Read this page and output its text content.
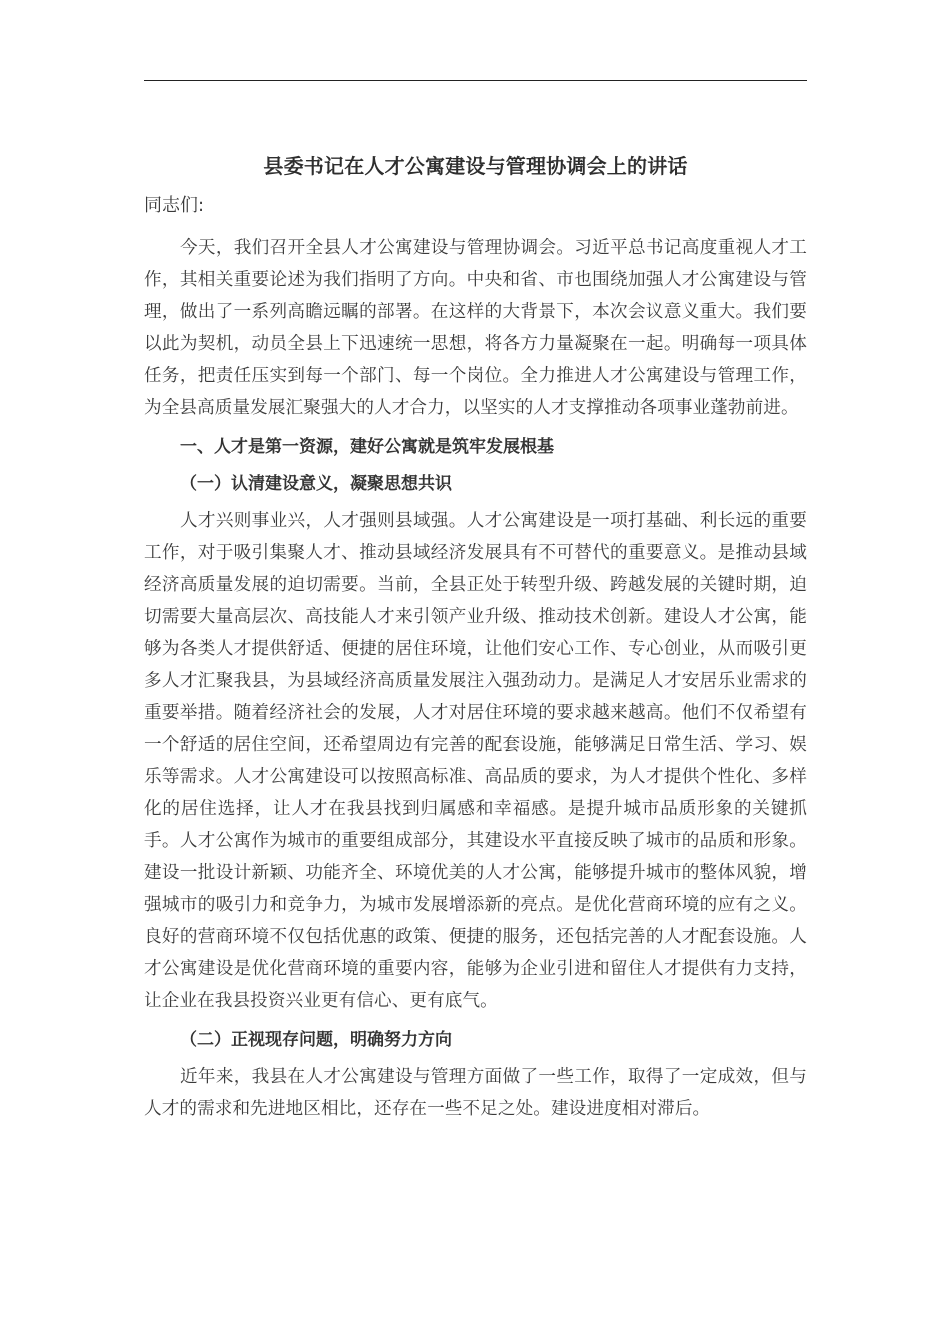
县委书记在人才公寓建设与管理协调会上的讲话
同志们:

今天，我们召开全县人才公寓建设与管理协调会。习近平总书记高度重视人才工作，其相关重要论述为我们指明了方向。中央和省、市也围绕加强人才公寓建设与管理，做出了一系列高瞻远瞩的部署。在这样的大背景下，本次会议意义重大。我们要以此为契机，动员全县上下迅速统一思想，将各方力量凝聚在一起。明确每一项具体任务，把责任压实到每一个部门、每一个岗位。全力推进人才公寓建设与管理工作，为全县高质量发展汇聚强大的人才合力，以坚实的人才支撑推动各项事业蓬勃前进。

一、人才是第一资源，建好公寓就是筑牢发展根基

（一）认清建设意义，凝聚思想共识

人才兴则事业兴，人才强则县域强。人才公寓建设是一项打基础、利长远的重要工作，对于吸引集聚人才、推动县域经济发展具有不可替代的重要意义。是推动县域经济高质量发展的迫切需要。当前，全县正处于转型升级、跨越发展的关键时期，迫切需要大量高层次、高技能人才来引领产业升级、推动技术创新。建设人才公寓，能够为各类人才提供舒适、便捷的居住环境，让他们安心工作、专心创业，从而吸引更多人才汇聚我县，为县域经济高质量发展注入强劲动力。是满足人才安居乐业需求的重要举措。随着经济社会的发展，人才对居住环境的要求越来越高。他们不仅希望有一个舒适的居住空间，还希望周边有完善的配套设施，能够满足日常生活、学习、娱乐等需求。人才公寓建设可以按照高标准、高品质的要求，为人才提供个性化、多样化的居住选择，让人才在我县找到归属感和幸福感。是提升城市品质形象的关键抓手。人才公寓作为城市的重要组成部分，其建设水平直接反映了城市的品质和形象。建设一批设计新颖、功能齐全、环境优美的人才公寓，能够提升城市的整体风貌，增强城市的吸引力和竞争力，为城市发展增添新的亮点。是优化营商环境的应有之义。良好的营商环境不仅包括优惠的政策、便捷的服务，还包括完善的人才配套设施。人才公寓建设是优化营商环境的重要内容，能够为企业引进和留住人才提供有力支持，让企业在我县投资兴业更有信心、更有底气。

（二）正视现存问题，明确努力方向

近年来，我县在人才公寓建设与管理方面做了一些工作，取得了一定成效，但与人才的需求和先进地区相比，还存在一些不足之处。建设进度相对滞后。
